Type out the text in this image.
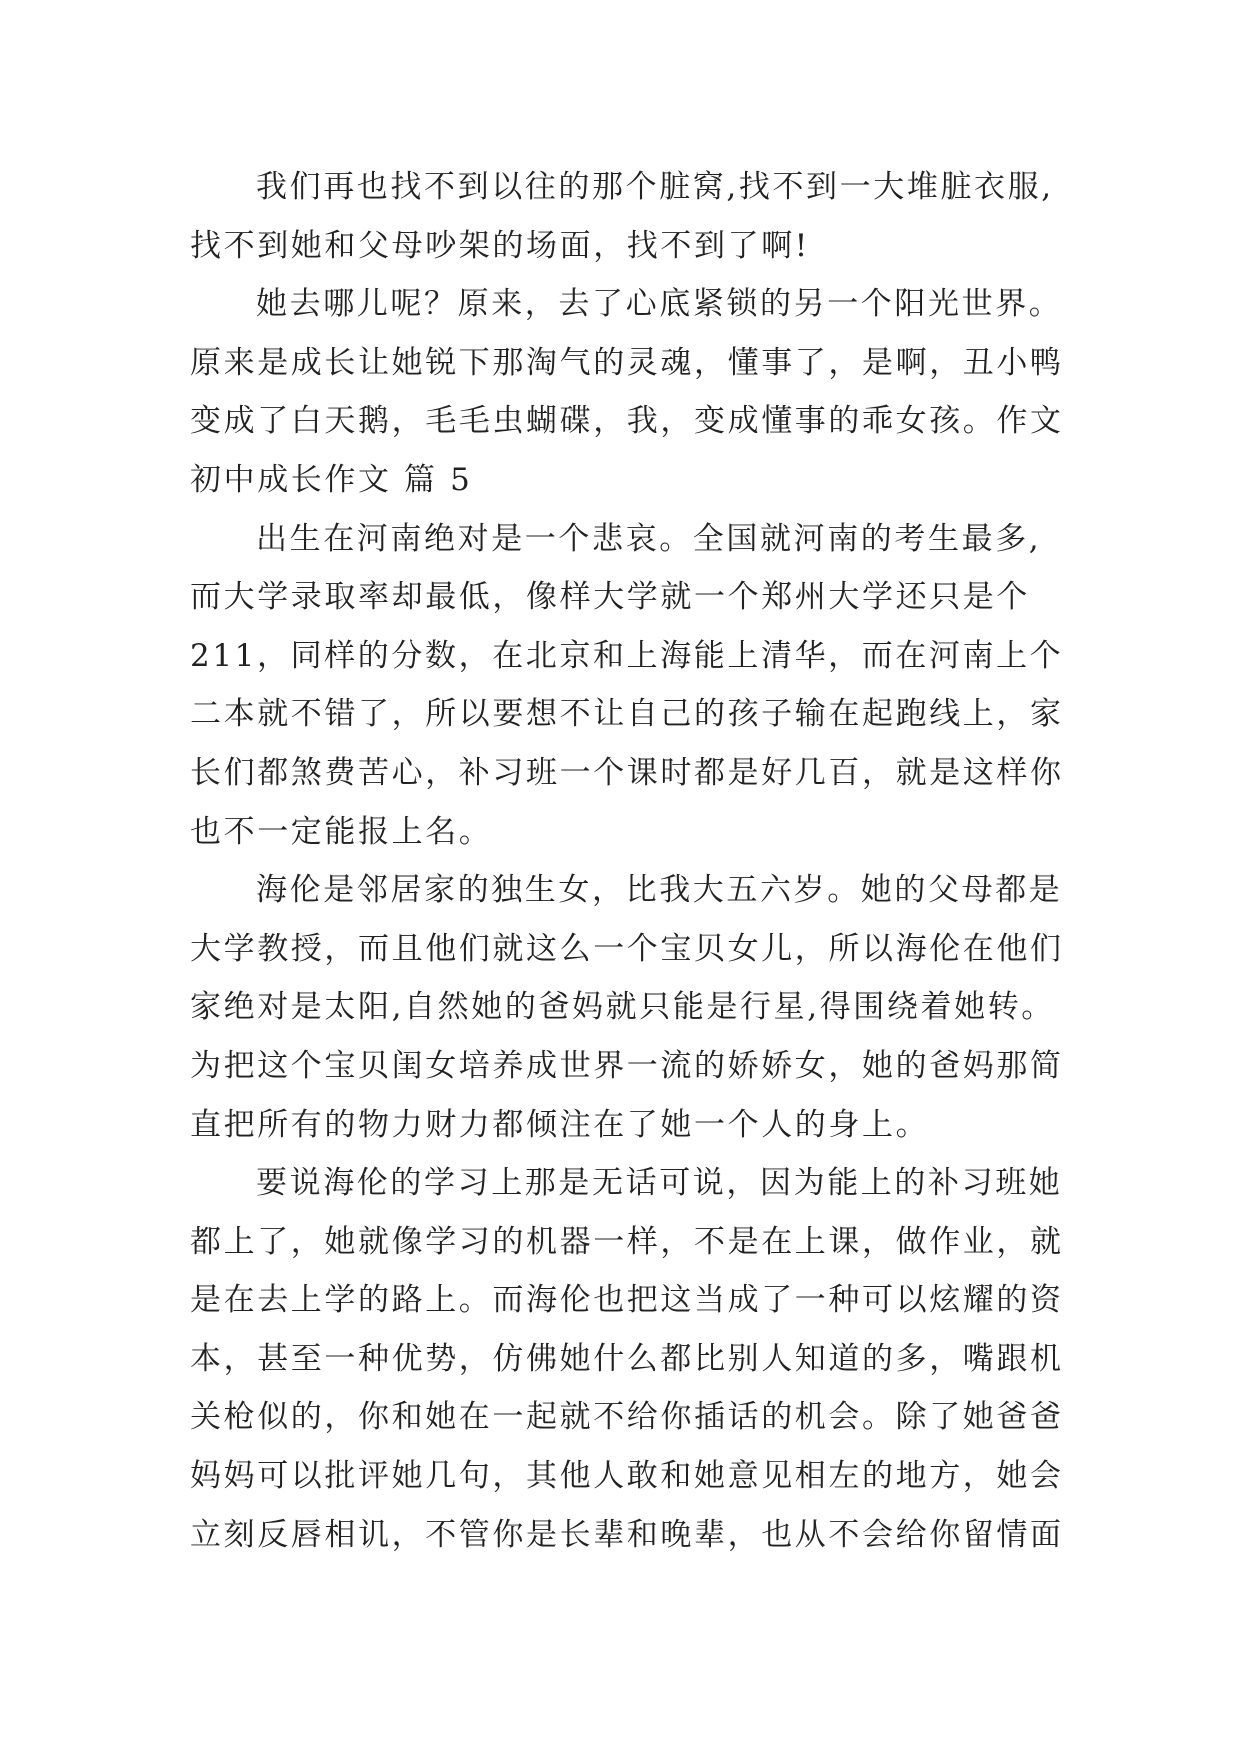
我们再也找不到以往的那个脏窝,找不到一大堆脏衣服,
找不到她和父母吵架的场面，找不到了啊!
她去哪儿呢？原来，去了心底紧锁的另一个阳光世界。
原来是成长让她锐下那淘气的灵魂，懂事了，是啊，丑小鸭
变成了白天鹅，毛毛虫蝴碟，我，变成懂事的乖女孩。作文
初中成长作文 篇 5
出生在河南绝对是一个悲哀。全国就河南的考生最多,
而大学录取率却最低，像样大学就一个郑州大学还只是个
211，同样的分数，在北京和上海能上清华，而在河南上个
二本就不错了，所以要想不让自己的孩子输在起跑线上，家
长们都煞费苦心，补习班一个课时都是好几百，就是这样你
也不一定能报上名。
海伦是邻居家的独生女，比我大五六岁。她的父母都是
大学教授，而且他们就这么一个宝贝女儿，所以海伦在他们
家绝对是太阳,自然她的爸妈就只能是行星,得围绕着她转。
为把这个宝贝闺女培养成世界一流的娇娇女，她的爸妈那简
直把所有的物力财力都倾注在了她一个人的身上。
要说海伦的学习上那是无话可说，因为能上的补习班她
都上了，她就像学习的机器一样，不是在上课，做作业，就
是在去上学的路上。而海伦也把这当成了一种可以炫耀的资
本，甚至一种优势，仿佛她什么都比别人知道的多，嘴跟机
关枪似的，你和她在一起就不给你插话的机会。除了她爸爸
妈妈可以批评她几句，其他人敢和她意见相左的地方，她会
立刻反唇相讥，不管你是长辈和晚辈，也从不会给你留情面
